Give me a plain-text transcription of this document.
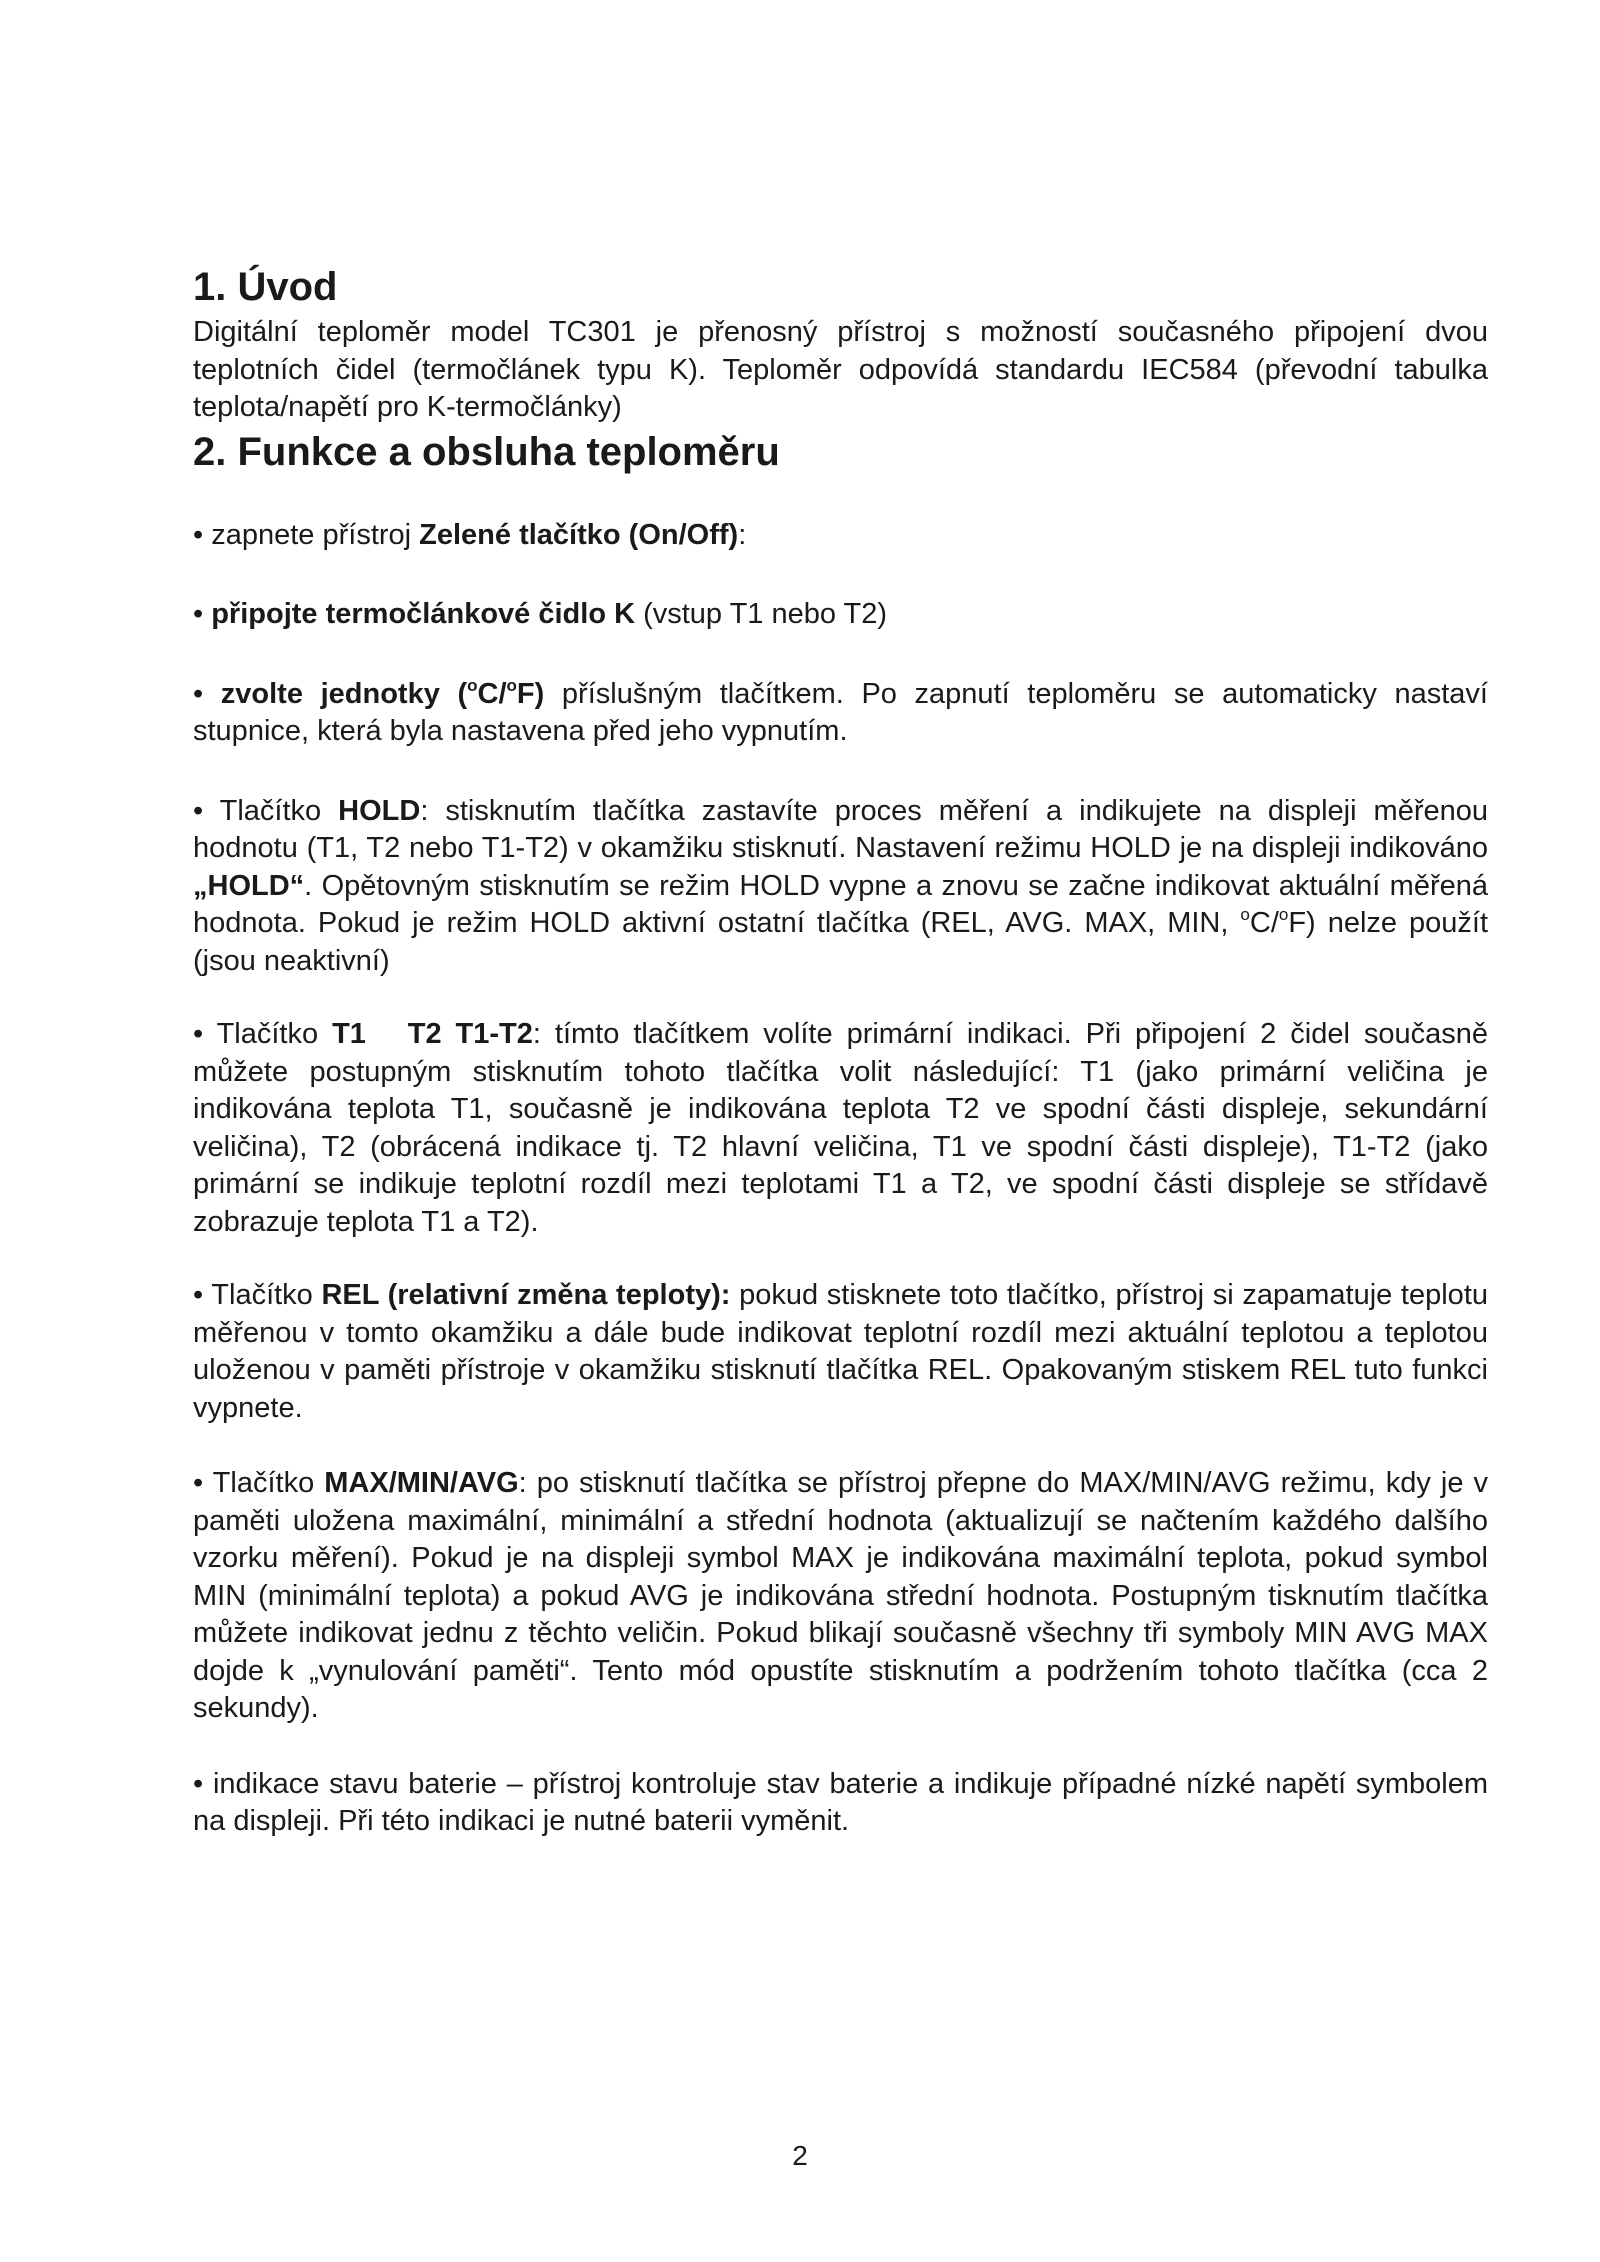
1. Úvod

Digitální teploměr model TC301 je přenosný přístroj s možností současného připojení dvou teplotních čidel (termočlánek typu K). Teploměr odpovídá standardu IEC584 (převodní tabulka teplota/napětí pro K-termočlánky)

2. Funkce a obsluha teploměru

• zapnete přístroj Zelené tlačítko (On/Off):

• připojte termočlánkové čidlo K (vstup T1 nebo T2)

• zvolte jednotky ($^o$C/$^o$F) příslušným tlačítkem. Po zapnutí teploměru se automaticky nastaví stupnice, která byla nastavena před jeho vypnutím.

• Tlačítko HOLD: stisknutím tlačítka zastavíte proces měření a indikujete na displeji měřenou hodnotu (T1, T2 nebo T1-T2) v okamžiku stisknutí. Nastavení režimu HOLD je na displeji indikováno „HOLD“. Opětovným stisknutím se režim HOLD vypne a znovu se začne indikovat aktuální měřená hodnota. Pokud je režim HOLD aktivní ostatní tlačítka (REL, AVG. MAX, MIN, $^o$C/$^o$F) nelze použít (jsou neaktivní)

• Tlačítko T1   T2 T1-T2: tímto tlačítkem volíte primární indikaci. Při připojení 2 čidel současně můžete postupným stisknutím tohoto tlačítka volit následující: T1 (jako primární veličina je indikována teplota T1, současně je indikována teplota T2 ve spodní části displeje, sekundární veličina), T2 (obrácená indikace tj. T2 hlavní veličina, T1 ve spodní části displeje), T1-T2 (jako primární se indikuje teplotní rozdíl mezi teplotami T1 a T2, ve spodní části displeje se střídavě zobrazuje teplota T1 a T2).

• Tlačítko REL (relativní změna teploty): pokud stisknete toto tlačítko, přístroj si zapamatuje teplotu měřenou v tomto okamžiku a dále bude indikovat teplotní rozdíl mezi aktuální teplotou a teplotou uloženou v paměti přístroje v okamžiku stisknutí tlačítka REL. Opakovaným stiskem REL tuto funkci vypnete.

• Tlačítko MAX/MIN/AVG: po stisknutí tlačítka se přístroj přepne do MAX/MIN/AVG režimu, kdy je v paměti uložena maximální, minimální a střední hodnota (aktualizují se načtením každého dalšího vzorku měření). Pokud je na displeji symbol MAX je indikována maximální teplota, pokud symbol MIN (minimální teplota) a pokud AVG je indikována střední hodnota. Postupným tisknutím tlačítka můžete indikovat jednu z těchto veličin. Pokud blikají současně všechny tři symboly MIN AVG MAX dojde k „vynulování paměti“. Tento mód opustíte stisknutím a podržením tohoto tlačítka (cca 2 sekundy).

• indikace stavu baterie – přístroj kontroluje stav baterie a indikuje případné nízké napětí symbolem na displeji. Při této indikaci je nutné baterii vyměnit.

2
